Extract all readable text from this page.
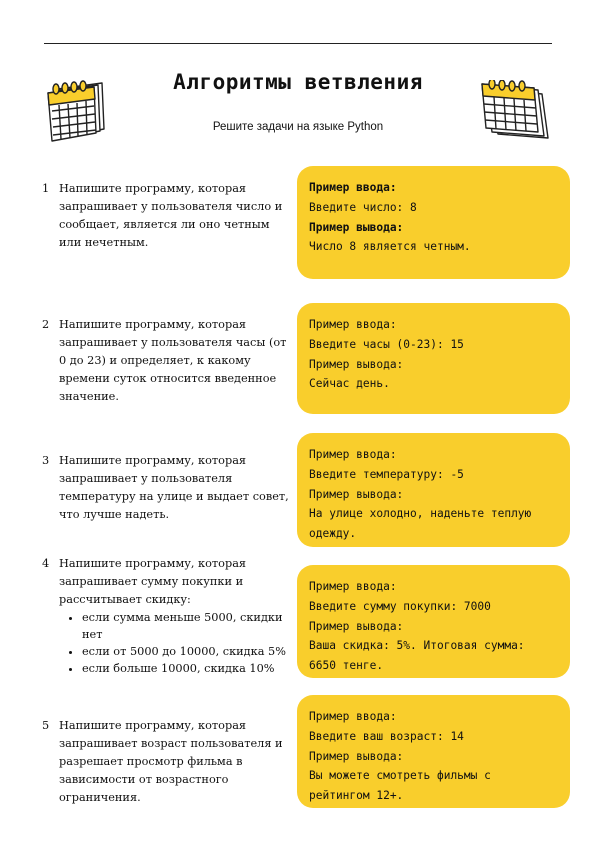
Алгоритмы ветвления
Решите задачи на языке Python
1 Напишите программу, которая запрашивает у пользователя число и сообщает, является ли оно четным или нечетным.
2 Напишите программу, которая запрашивает у пользователя часы (от 0 до 23) и определяет, к какому времени суток относится введенное значение.
3 Напишите программу, которая запрашивает у пользователя температуру на улице и выдает совет, что лучше надеть.
4 Напишите программу, которая запрашивает сумму покупки и рассчитывает скидку:
• если сумма меньше 5000, скидки нет
• если от 5000 до 10000, скидка 5%
• если больше 10000, скидка 10%
5 Напишите программу, которая запрашивает возраст пользователя и разрешает просмотр фильма в зависимости от возрастного ограничения.
Пример ввода:
Введите число: 8
Пример вывода:
Число 8 является четным.
Пример ввода:
Введите часы (0-23): 15
Пример вывода:
Сейчас день.
Пример ввода:
Введите температуру: -5
Пример вывода:
На улице холодно, наденьте теплую одежду.
Пример ввода:
Введите сумму покупки: 7000
Пример вывода:
Ваша скидка: 5%. Итоговая сумма: 6650 тенге.
Пример ввода:
Введите ваш возраст: 14
Пример вывода:
Вы можете смотреть фильмы с рейтингом 12+.
